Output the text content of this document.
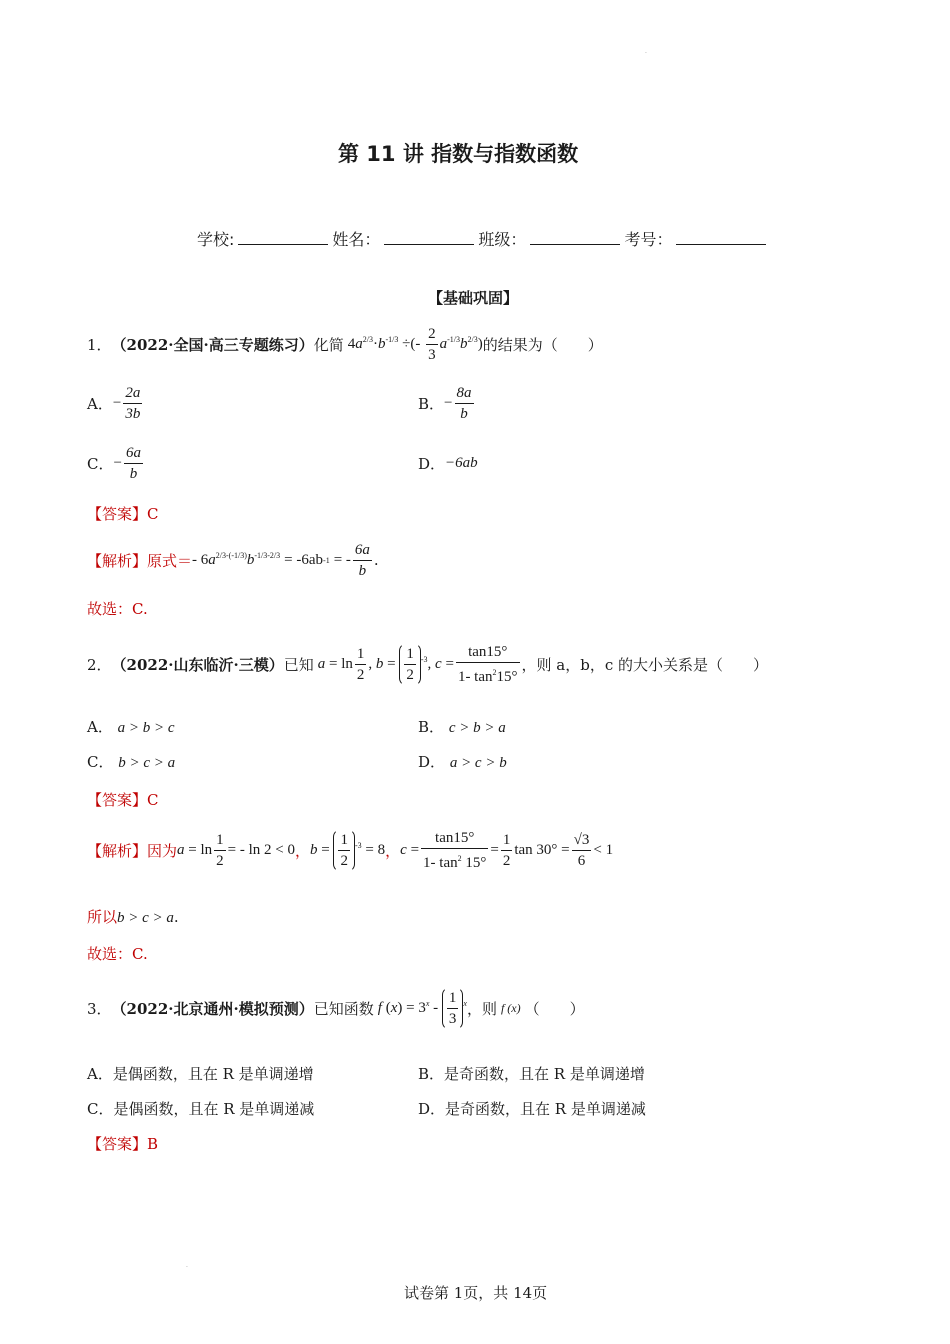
.
.
第 11 讲 指数与指数函数
学校:	姓名：	班级：	考号：
【基础巩固】
1． （2022·全国·高三专题练习） 化简 $4a^{2/3}\cdot b^{-1/3}$ ÷(- $\frac{2}{3} a^{-1/3}b^{2/3}$) 的结果为（　　）
A． − $\frac{2a}{3b}$	B． − $\frac{8a}{b}$
C． − $\frac{6a}{b}$	D． −6ab
【答案】C
【解析】原式＝ - $6a^{2/3-(-1/3)}b^{-1/3-2/3} = -6ab$ -1 = - $\frac{6a}{b}$ .
故选：C.
2． （2022·山东临沂·三模） 已知 $a = \ln \frac{1}{2}$ , $b = \frac{1}{2} ^{-3}$, $c = \frac{\tan 15^\circ}{1- \tan^215^\circ}$ ，则 a，b，c 的大小关系是（　　）
A． a > b > c	B． c > b > a
C． b > c > a	D． a > c > b
【答案】C
【解析】因为 $a = \ln \frac{1}{2}$ = - ln 2 < 0 ， $b = \frac{1}{2} ^{-3} = 8$ ， $c = \frac{\tan 15^\circ}{1- \tan^2 15^\circ} = \frac{1}{2}$ $\tan 30^\circ = \frac{√3}{6} < 1$
所以b > c > a.
故选：C.
3． （2022·北京通州·模拟预测） 已知函数 f $(x) = 3^x - \frac{1}{3} ^x$ ，则 f (x) （　　）
A．是偶函数，且在 R 是单调递增	B．是奇函数，且在 R 是单调递增
C．是偶函数，且在 R 是单调递减	D．是奇函数，且在 R 是单调递减
【答案】B
试卷第 1页，共 14页
